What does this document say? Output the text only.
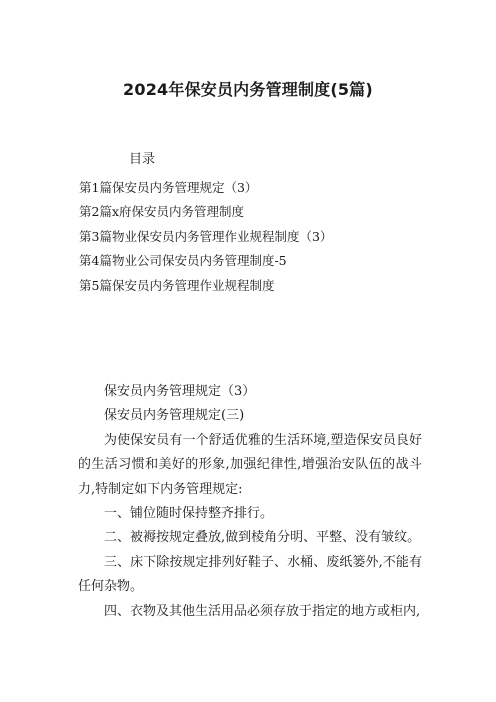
2024年保安员内务管理制度(5篇)
目录
第1篇保安员内务管理规定（3）
第2篇x府保安员内务管理制度
第3篇物业保安员内务管理作业规程制度（3）
第4篇物业公司保安员内务管理制度-5
第5篇保安员内务管理作业规程制度

保安员内务管理规定（3）

保安员内务管理规定(三)

为使保安员有一个舒适优雅的生活环境,塑造保安员良好的生活习惯和美好的形象,加强纪律性,增强治安队伍的战斗力,特制定如下内务管理规定:

一、铺位随时保持整齐排行。

二、被褥按规定叠放,做到棱角分明、平整、没有皱纹。

三、床下除按规定排列好鞋子、水桶、废纸篓外,不能有任何杂物。

四、衣物及其他生活用品必须存放于指定的地方或柜内,
